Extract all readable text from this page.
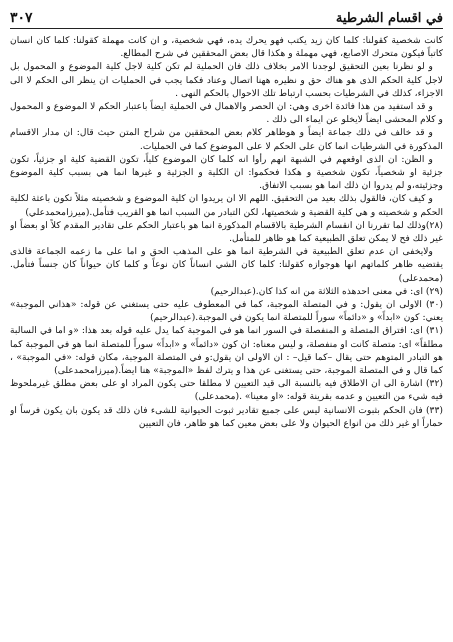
في اقسام الشرطية
٣٠٧

كانت شخصية كقولنا: كلما كان زيد يكتب فهو يحرك يده، فهي شخصية، و ان كانت مهملة كقولنا: كلما كان انسان كاتباً فيكون متحرك الاصابع، فهي مهملة و هكذا قال بعض المحققين في شرح المطالع.

و لو نظرنا بعين التحقيق لوجدنا الامر بخلاف ذلك فان الحملية لم تكن كلية لاجل كلية الموضوع و المحمول بل لاجل كلية الحكم الذى هو هناك حق و نظيره ههنا اتصال وعناد فكما يجب في الحمليات ان ينظر الى الحكم لا الى الاجزاء، كذلك في الشرطيات بحسب ارتباط تلك الاحوال بالحكم النهى .

و قد استفيد من هذا فائدة اخرى وهي: ان الحصر والاهمال في الحملية ايضاً باعتبار الحكم لا الموضوع و المحمول و كلام المحشى ايضاً لايخلو عن ايماء الى ذلك .

و قد خالف في ذلك جماعة ايضاً و هوظاهر كلام بعض المحققين من شراح المتن حيث قال: ان مدار الاقسام المذكورة في الشرطيات انما كان على الحكم لا على الموضوع كما في الحمليات.

و الظن: ان الذى اوقعهم في الشبهة انهم رأوا انه كلما كان الموضوع كلياً، تكون القضية كلية او جزئياً، تكون جزئية او شخصياً، تكون شخصية و هكذا فحكموا: ان الكلية و الجزئية و غيرها انما هي بسبب كلية الموضوع وجزئيته،و لم يدروا ان ذلك انما هو بسبب الاتفاق.

و كيف كان، فالقول بذلك بعيد من التحقيق. اللهم الا ان يريدوا ان كلية الموضوع و شخصيته مثلاً تكون باعثة لكلية الحكم و شخصيته و هي كلية القضية و شخصيتها، لكن التبادر من السبب انما هو القريب فتأمل.(ميرزامحمدعلي)

(٢٨)وذلك لما تقررنا ان انقسام الشرطية بالاقسام المذكورة انما هو باعتبار الحكم على تقادير المقدم كلاً او بعضاً او غير ذلك فح لا يمكن تعلق الطبيعية كما هو ظاهر للمتأمل.

ولايخفى ان عدم تعلق الطبيعية في الشرطية انما هو على المذهب الحق و اما على ما زعمه الجماعة فالذى يقتضيه ظاهر كلماتهم انها هوجوازه كقولنا: كلما كان الشي انساناً كان نوعاً و كلما كان حيواناً كان جنساً فتأمل.(محمدعلى)

(٢٩) اى: في معنى احدهذه الثلاثة من انه كذا كان.(عبدالرحيم)

(٣٠) الاولى ان يقول: و في المتصلة الموجبة، كما في المعطوف عليه حتى يستغني عن قوله: «هذاني الموجبة» يعني: كون «ابداً» و «دائماً» سوراً للمتصلة انما يكون في الموجبة.(عبدالرحيم)

(٣١) اى: افتراق المتصلة و المنفصلة في السور انما هو في الموجبة كما يدل عليه قوله بعد هذا: «و اما في السالبة مطلقاً» اى: متصلة كانت او منفصلة، و ليس معناه: ان كون «دائماً» و «ابداً» سوراً للمتصلة انما هو في الموجبة كما هو التبادر المتوهم حتى يقال –كما قيل– : ان الاولى ان يقول:و في المتصلة الموجبة، مكان قوله: «في الموجبة» ، كما قال و في المتصلة الموجبة، حتى يستغنى عن هذا و يترك لفظ «الموجبة» هنا ايضاً.(ميرزامحمدعلى)

(٣٢) اشارة الى ان الاطلاق فيه بالنسبة الى قيد التعيين لا مطلقا حتى يكون المراد او على بعض مطلق غيرملحوظ فيه شيء من التعيين و عدمه بقرينة قوله: «او معينا» .(محمدعلى)

(٣٣) فان الحكم بثبوت الانسانية ليس على جميع تقادير ثبوت الحيوانية للشىء فان ذلك قد يكون بان يكون فرساً او حماراً او غير ذلك من انواع الحيوان ولا على بعض معين كما هو ظاهر، فان التعيين
